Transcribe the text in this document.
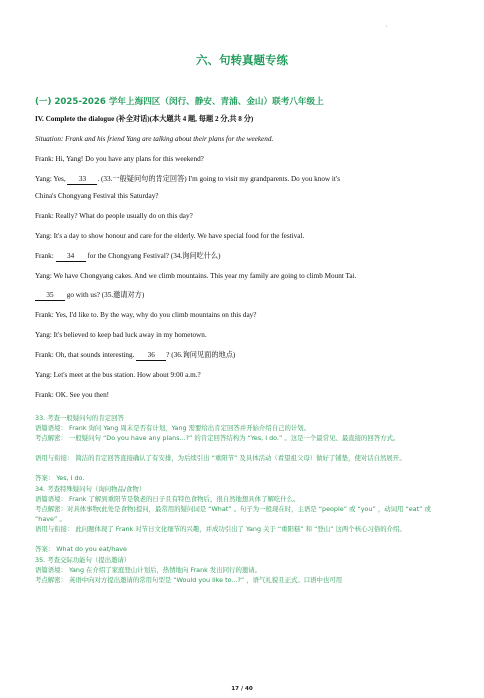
,
六、句转真题专练
(一) 2025-2026 学年上海四区（闵行、静安、青浦、金山）联考八年级上
IV. Complete the dialogue (补全对话)(本大题共 4 题, 每题 2 分,共 8 分)
Situation: Frank and his friend Yang are talking about their plans for the weekend.
Frank: Hi, Yang! Do you have any plans for this weekend?
Yang: Yes, 33 . (33.一般疑问句的肯定回答) I'm going to visit my grandparents. Do you know it's
China's Chongyang Festival this Saturday?
Frank: Really? What do people usually do on this day?
Yang: It's a day to show honour and care for the elderly. We have special food for the festival.
Frank: 34 for the Chongyang Festival? (34.询问吃什么)
Yang: We have Chongyang cakes. And we climb mountains. This year my family are going to climb Mount Tai.
35 go with us? (35.邀请对方)
Frank: Yes, I'd like to. By the way, why do you climb mountains on this day?
Yang: It's believed to keep bad luck away in my hometown.
Frank: Oh, that sounds interesting. 36 ? (36.询问见面的地点)
Yang: Let's meet at the bus station. How about 9:00 a.m.?
Frank: OK. See you then!
33. 考查一般疑问句的肯定回答
语篇语境： Frank 询问 Yang 周末是否有计划，Yang 需要给出肯定回答并开始介绍自己的计划。
考点解密： 一般疑问句 “Do you have any plans...?” 的肯定回答结构为 “Yes, I do.” 。这是一个最常见、最直接的回答方式。
语用与衔接： 简洁的肯定回答直接确认了有安排，为后续引出 “重阳节” 及具体活动（看望祖父母）做好了铺垫，使对话自然展开。
答案： Yes, I do.
34. 考查特殊疑问句（询问物品/食物）
语篇语境： Frank 了解到重阳节是敬老的日子且有特色食物后，很自然地想具体了解吃什么。
考点解密：对具体事物(此处是食物)提问，最常用的疑问词是 “What” 。句子为一般现在时，主语是 “people” 或 “you” ，动词用 “eat” 或 “have” 。
语用与衔接： 此问题体现了 Frank 对节日文化细节的兴趣，并成功引出了 Yang 关于 “重阳糕” 和 “登山” 这两个核心习俗的介绍。
答案： What do you eat/have
35. 考查交际功能句（提出邀请）
语篇语境： Yang 在介绍了家庭登山计划后，热情地向 Frank 发出同行的邀请。
考点解密： 英语中向对方提出邀请的常用句型是 “Would you like to...?” ，语气礼貌且正式。口语中也可用
17 / 40
